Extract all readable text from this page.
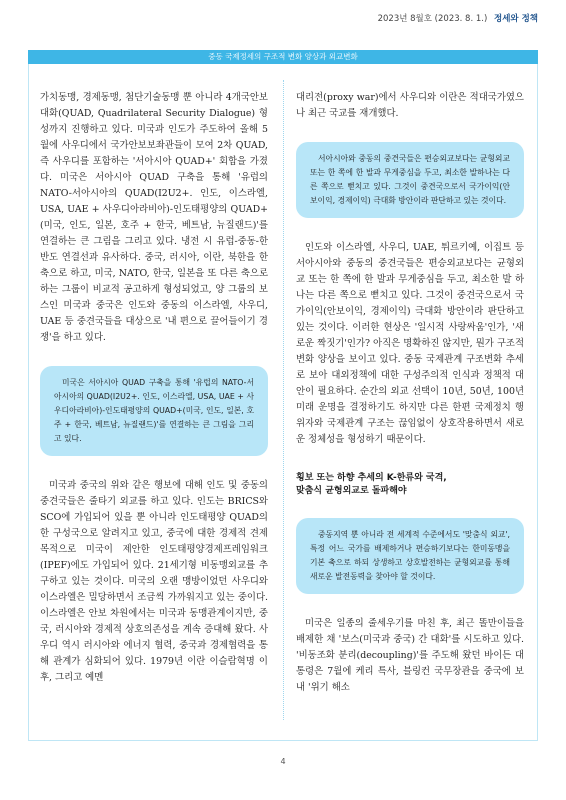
2023년 8월호 (2023. 8. 1.) 정세와 정책
중동 국제정세의 구조적 변화 양상과 외교변화

가치동맹, 경제동맹, 첨단기술동맹 뿐 아니라 4개국안보대화(QUAD, Quadrilateral Security Dialogue) 형성까지 진행하고 있다. 미국과 인도가 주도하여 올해 5월에 사우디에서 국가안보보좌관들이 모여 2차 QUAD, 즉 사우디를 포함하는 '서아시아 QUAD+' 회합을 가졌다. 미국은 서아시아 QUAD 구축을 통해 '유럽의 NATO-서아시아의 QUAD(I2U2+. 인도, 이스라엘, USA, UAE + 사우디아라비아)-인도태평양의 QUAD+(미국, 인도, 일본, 호주 + 한국, 베트남, 뉴질랜드)'를 연결하는 큰 그림을 그리고 있다. 냉전 시 유럽-중동-한반도 연결선과 유사하다. 중국, 러시아, 이란, 북한을 한 축으로 하고, 미국, NATO, 한국, 일본을 또 다른 축으로 하는 그룹이 비교적 공고하게 형성되었고, 양 그룹의 보스인 미국과 중국은 인도와 중동의 이스라엘, 사우디, UAE 등 중견국들을 대상으로 '내 편으로 끌어들이기 경쟁'을 하고 있다.

미국은 서아시아 QUAD 구축을 통해 '유럽의 NATO-서아시아의 QUAD(I2U2+. 인도, 이스라엘, USA, UAE + 사우디아라비아)-인도태평양의 QUAD+(미국, 인도, 일본, 호주 + 한국, 베트남, 뉴질랜드)'를 연결하는 큰 그림을 그리고 있다.

미국과 중국의 위와 같은 행보에 대해 인도 및 중동의 중견국들은 줄타기 외교를 하고 있다. 인도는 BRICS와 SCO에 가입되어 있을 뿐 아니라 인도태평양 QUAD의 한 구성국으로 알려지고 있고, 중국에 대한 경제적 견제 목적으로 미국이 제안한 인도태평양경제프레임워크(IPEF)에도 가입되어 있다. 21세기형 비동맹외교를 추구하고 있는 것이다. 미국의 오랜 맹방이었던 사우디와 이스라엘은 밀당하면서 조금씩 가까워지고 있는 중이다. 이스라엘은 안보 차원에서는 미국과 동맹관계이지만, 중국, 러시아와 경제적 상호의존성을 계속 증대해 왔다. 사우디 역시 러시아와 에너지 협력, 중국과 경제협력을 통해 관계가 심화되어 있다. 1979년 이란 이슬람혁명 이후, 그리고 예멘

대리전(proxy war)에서 사우디와 이란은 적대국가였으나 최근 국교를 재개했다.

서아시아와 중동의 중견국들은 편승외교보다는 균형외교 또는 한 쪽에 한 발과 무게중심을 두고, 최소한 발하나는 다른 쪽으로 뻗치고 있다. 그것이 중견국으로서 국가이익(안보이익, 경제이익) 극대화 방안이라 판단하고 있는 것이다.

인도와 이스라엘, 사우디, UAE, 튀르키예, 이집트 등 서아시아와 중동의 중견국들은 편승외교보다는 균형외교 또는 한 쪽에 한 발과 무게중심을 두고, 최소한 발 하나는 다른 쪽으로 뻗치고 있다. 그것이 중견국으로서 국가이익(안보이익, 경제이익) 극대화 방안이라 판단하고 있는 것이다. 이러한 현상은 '일시적 사랑싸움'인가, '새로운 짝짓기'인가? 아직은 명확하진 않지만, 뭔가 구조적 변화 양상을 보이고 있다. 중동 국제관계 구조변화 추세로 보아 대외정책에 대한 구성주의적 인식과 정책적 대안이 필요하다. 순간의 외교 선택이 10년, 50년, 100년 미래 운명을 결정하기도 하지만 다른 한편 국제정치 행위자와 국제관계 구조는 끊임없이 상호작용하면서 새로운 정체성을 형성하기 때문이다.

횡보 또는 하향 추세의 K-한류와 국격,
맞춤식 균형외교로 돌파해야
중동지역 뿐 아니라 전 세계적 수준에서도 '맞춤식 외교', 특정 어느 국가를 배제하거나 편승하기보다는 한미동맹을 기본 축으로 하되 상생하고 상호발전하는 균형외교를 통해 새로운 발전동력을 찾아야 할 것이다.

미국은 일종의 줄세우기를 마친 후, 최근 똘만이들을 배제한 채 '보스(미국과 중국) 간 대화'를 시도하고 있다. '비동조화 분리(decoupling)'를 주도해 왔던 바이든 대통령은 7월에 케리 특사, 블링컨 국무장관을 중국에 보내 '위기 해소

4
